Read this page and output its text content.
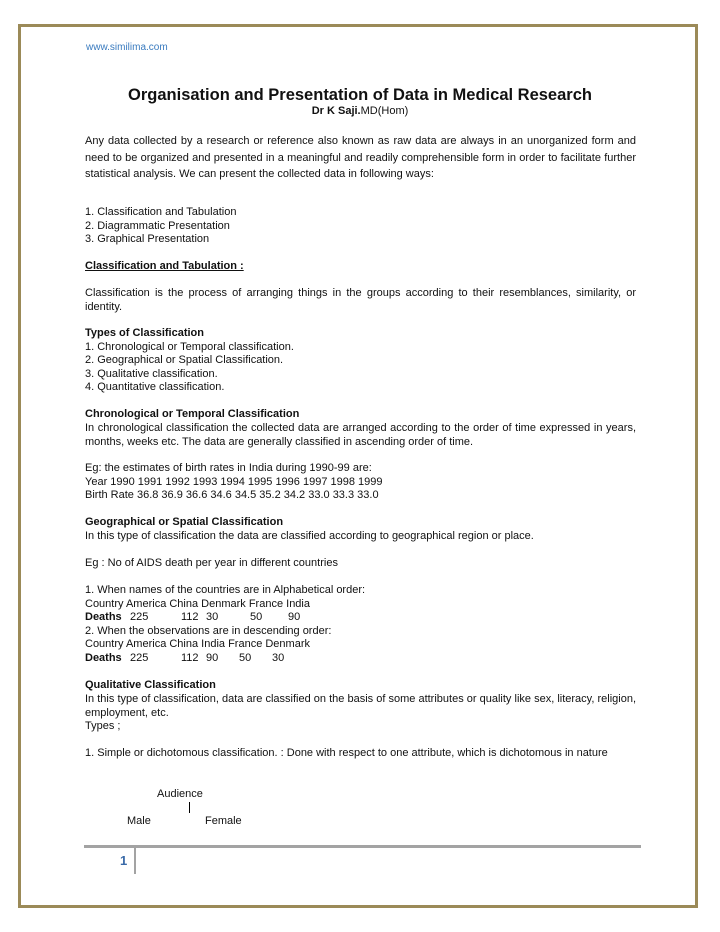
www.similima.com
Organisation and Presentation of Data in Medical Research
Dr K Saji.MD(Hom)
Any data collected by a research or reference also known as raw data are always in an unorganized form and need to be organized and presented in a meaningful and readily comprehensible form in order to facilitate further statistical analysis. We can present the collected data in following ways:
1. Classification and Tabulation
2. Diagrammatic Presentation
3. Graphical Presentation
Classification and Tabulation :
Classification is the process of arranging things in the groups according to their resemblances, similarity, or identity.
Types of Classification
1. Chronological or Temporal classification.
2. Geographical or Spatial Classification.
3. Qualitative classification.
4. Quantitative classification.
Chronological or Temporal Classification
In chronological classification the collected data are arranged according to the order of time expressed in years, months, weeks etc. The data are generally classified in ascending order of time.
Eg: the estimates of birth rates in India during 1990-99 are:
Year 1990 1991 1992 1993 1994 1995 1996 1997 1998 1999
Birth Rate 36.8 36.9 36.6 34.6 34.5 35.2 34.2 33.0 33.3 33.0
Geographical or Spatial Classification
In this type of classification the data are classified according to geographical region or place.
Eg : No of AIDS death per year in different countries
1. When names of the countries are in Alphabetical order:
Country America China Denmark France India
Deaths 225	112 30	50 90
2. When the observations are in descending order:
Country America China India France Denmark
Deaths 225	112 90 50 30
Qualitative Classification
In this type of classification, data are classified on the basis of some attributes or quality like sex, literacy, religion, employment, etc.
Types ;
1. Simple or dichotomous classification. : Done with respect to one attribute, which is dichotomous in nature
Audience
Male	Female
1
